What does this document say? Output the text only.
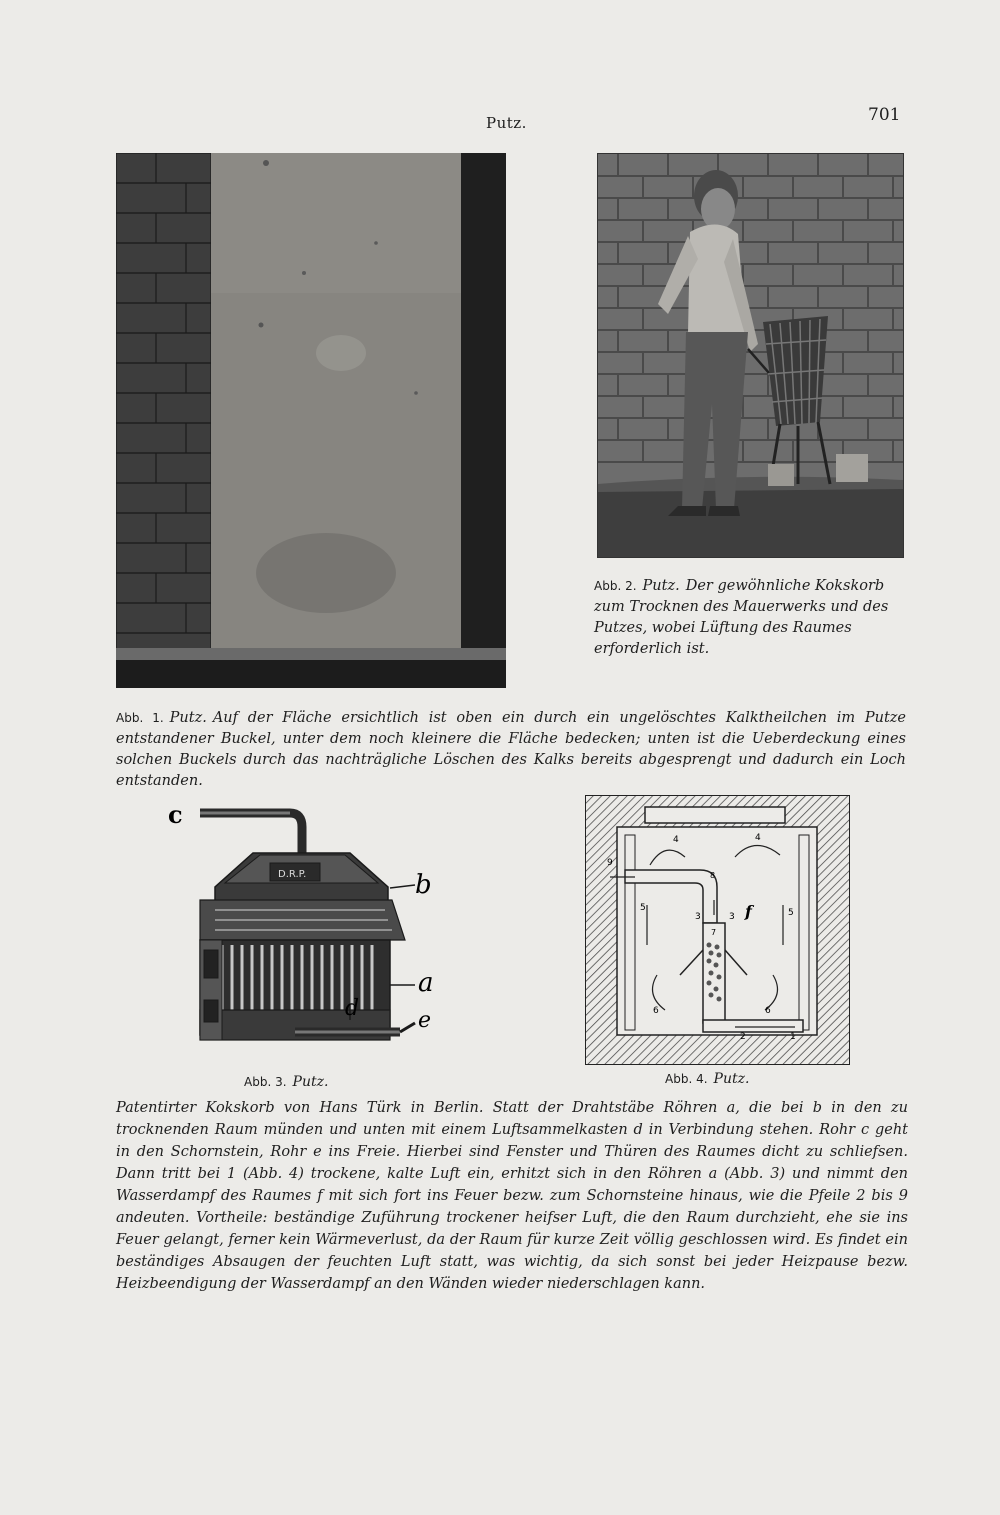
Putz.	701
Abb. 2. Putz. Der gewöhnliche Kokskorb zum Trocknen des Mauerwerks und des Putzes, wobei Lüftung des Raumes erforderlich ist.
Abb. 1. Putz. Auf der Fläche ersichtlich ist oben ein durch ein ungelöschtes Kalktheilchen im Putze entstandener Buckel, unter dem noch kleinere die Fläche bedecken; unten ist die Ueberdeckung eines solchen Buckels durch das nachträgliche Löschen des Kalks bereits abgesprengt und dadurch ein Loch entstanden.
c
b
a
d	e
D.R.P.
Abb. 3. Putz.
4	4
5	5
6	6
3	3
7
8
9
1
2
f
Abb. 4. Putz.
Patentirter Kokskorb von Hans Türk in Berlin. Statt der Drahtstäbe Röhren a, die bei b in den zu trocknenden Raum münden und unten mit einem Luftsammelkasten d in Verbindung stehen. Rohr c geht in den Schornstein, Rohr e ins Freie. Hierbei sind Fenster und Thüren des Raumes dicht zu schliefsen. Dann tritt bei 1 (Abb. 4) trockene, kalte Luft ein, erhitzt sich in den Röhren a (Abb. 3) und nimmt den Wasserdampf des Raumes f mit sich fort ins Feuer bezw. zum Schornsteine hinaus, wie die Pfeile 2 bis 9 andeuten. Vortheile: beständige Zuführung trockener heifser Luft, die den Raum durchzieht, ehe sie ins Feuer gelangt, ferner kein Wärmeverlust, da der Raum für kurze Zeit völlig geschlossen wird. Es findet ein beständiges Absaugen der feuchten Luft statt, was wichtig, da sich sonst bei jeder Heizpause bezw. Heizbeendigung der Wasserdampf an den Wänden wieder niederschlagen kann.
